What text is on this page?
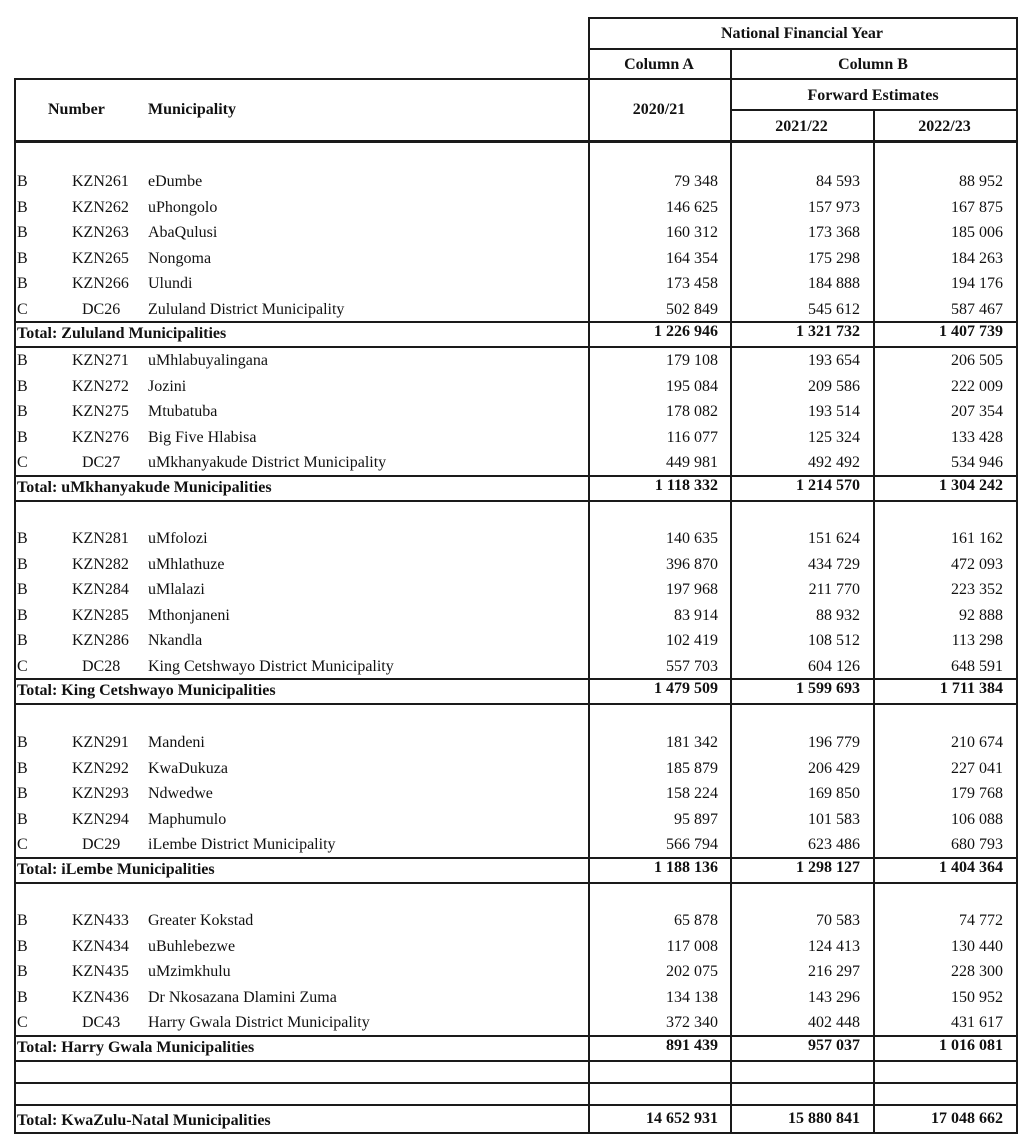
National Financial Year
Column A	Column B
Forward Estimates
Number	Municipality	2020/21
2021/22	2022/23
B	KZN261 eDumbe	79 348	84 593	88 952
B	KZN262 uPhongolo	146 625	157 973	167 875
B	KZN263 AbaQulusi	160 312	173 368	185 006
B	KZN265 Nongoma	164 354	175 298	184 263
B	KZN266 Ulundi	173 458	184 888	194 176
C	DC26 Zululand District Municipality	502 849	545 612	587 467
Total: Zululand Municipalities	1 226 946	1 321 732	1 407 739
B	KZN271 uMhlabuyalingana	179 108	193 654	206 505
B	KZN272 Jozini	195 084	209 586	222 009
B	KZN275 Mtubatuba	178 082	193 514	207 354
B	KZN276 Big Five Hlabisa	116 077	125 324	133 428
C	DC27 uMkhanyakude District Municipality	449 981	492 492	534 946
Total: uMkhanyakude Municipalities	1 118 332	1 214 570	1 304 242
B	KZN281 uMfolozi	140 635	151 624	161 162
B	KZN282 uMhlathuze	396 870	434 729	472 093
B	KZN284 uMlalazi	197 968	211 770	223 352
B	KZN285 Mthonjaneni	83 914	88 932	92 888
B	KZN286 Nkandla	102 419	108 512	113 298
C	DC28 King Cetshwayo District Municipality	557 703	604 126	648 591
Total: King Cetshwayo Municipalities	1 479 509	1 599 693	1 711 384
B	KZN291 Mandeni	181 342	196 779	210 674
B	KZN292 KwaDukuza	185 879	206 429	227 041
B	KZN293 Ndwedwe	158 224	169 850	179 768
B	KZN294 Maphumulo	95 897	101 583	106 088
C	DC29 iLembe District Municipality	566 794	623 486	680 793
Total: iLembe Municipalities	1 188 136	1 298 127	1 404 364
B	KZN433 Greater Kokstad	65 878	70 583	74 772
B	KZN434 uBuhlebezwe	117 008	124 413	130 440
B	KZN435 uMzimkhulu	202 075	216 297	228 300
B	KZN436 Dr Nkosazana Dlamini Zuma	134 138	143 296	150 952
C	DC43 Harry Gwala District Municipality	372 340	402 448	431 617
Total: Harry Gwala Municipalities	891 439	957 037	1 016 081
Total: KwaZulu-Natal Municipalities	14 652 931	15 880 841	17 048 662
